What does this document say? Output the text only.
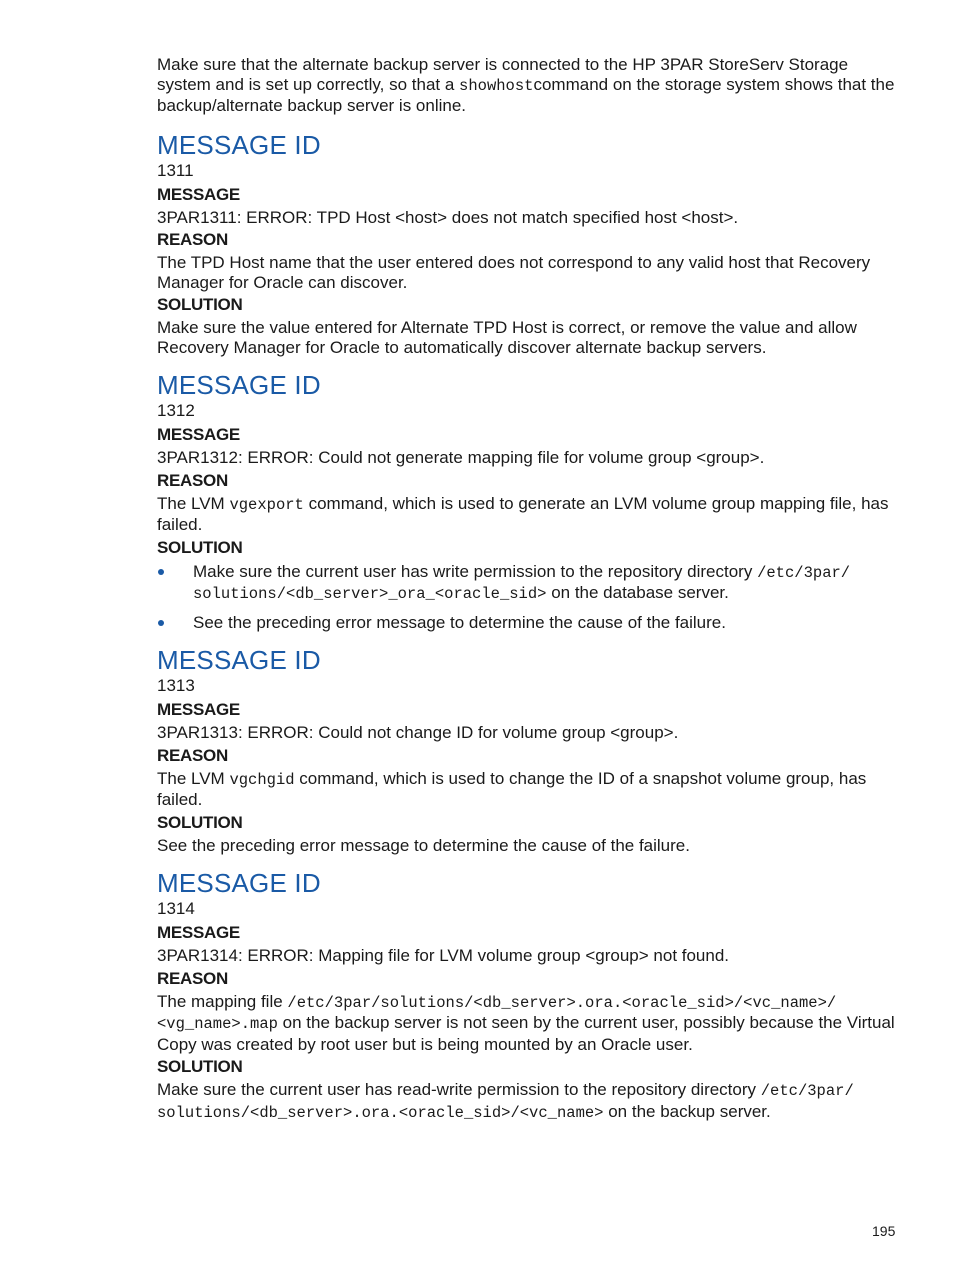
Make sure that the alternate backup server is connected to the HP 3PAR StoreServ Storage system and is set up correctly, so that a showhostcommand on the storage system shows that the backup/alternate backup server is online.

MESSAGE ID

1311

MESSAGE

3PAR1311: ERROR: TPD Host <host> does not match specified host <host>.

REASON

The TPD Host name that the user entered does not correspond to any valid host that Recovery Manager for Oracle can discover.

SOLUTION

Make sure the value entered for Alternate TPD Host is correct, or remove the value and allow Recovery Manager for Oracle to automatically discover alternate backup servers.

MESSAGE ID

1312

MESSAGE

3PAR1312: ERROR: Could not generate mapping file for volume group <group>.

REASON

The LVM vgexport command, which is used to generate an LVM volume group mapping file, has failed.

SOLUTION

Make sure the current user has write permission to the repository directory /etc/3par/ solutions/<db_server>_ora_<oracle_sid> on the database server.
See the preceding error message to determine the cause of the failure.
MESSAGE ID

1313

MESSAGE

3PAR1313: ERROR: Could not change ID for volume group <group>.

REASON

The LVM vgchgid command, which is used to change the ID of a snapshot volume group, has failed.

SOLUTION

See the preceding error message to determine the cause of the failure.

MESSAGE ID

1314

MESSAGE

3PAR1314: ERROR: Mapping file for LVM volume group <group> not found.

REASON

The mapping file /etc/3par/solutions/<db_server>.ora.<oracle_sid>/<vc_name>/ <vg_name>.map on the backup server is not seen by the current user, possibly because the Virtual Copy was created by root user but is being mounted by an Oracle user.

SOLUTION

Make sure the current user has read-write permission to the repository directory /etc/3par/ solutions/<db_server>.ora.<oracle_sid>/<vc_name> on the backup server.

195
